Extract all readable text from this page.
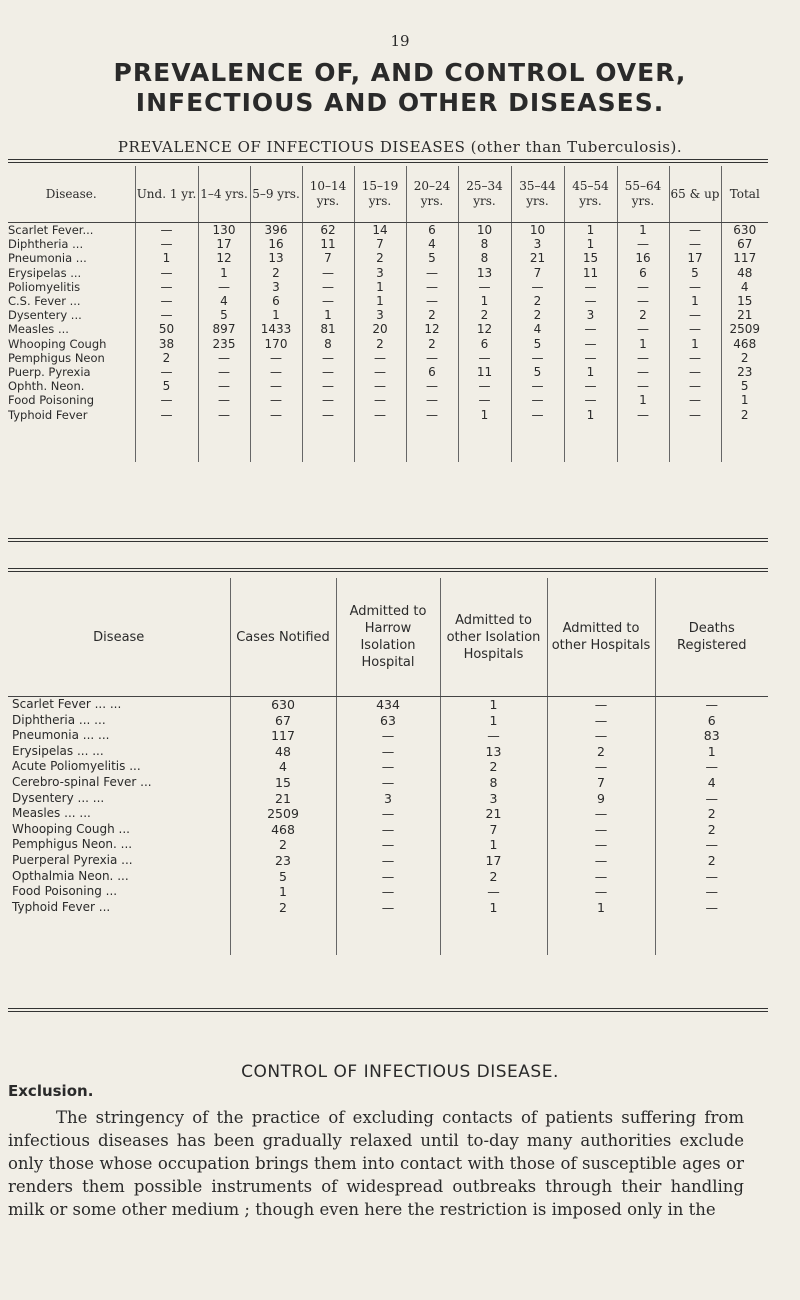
19
PREVALENCE OF, AND CONTROL OVER,
INFECTIOUS AND OTHER DISEASES.
PREVALENCE OF INFECTIOUS DISEASES (other than Tuberculosis).
Disease.	Und. 1 yr.	1–4 yrs.	5–9 yrs.	10–14 yrs.	15–19 yrs.	20–24 yrs.	25–34 yrs.	35–44 yrs.	45–54 yrs.	55–64 yrs.	65 & up	Total
Scarlet Fever...	—	130	396	62	14	6	10	10	1	1	—	630
Diphtheria ...	—	17	16	11	7	4	8	3	1	—	—	67
Pneumonia ...	1	12	13	7	2	5	8	21	15	16	17	117
Erysipelas ...	—	1	2	—	3	—	13	7	11	6	5	48
Poliomyelitis	—	—	3	—	1	—	—	—	—	—	—	4
C.S. Fever ...	—	4	6	—	1	—	1	2	—	—	1	15
Dysentery ...	—	5	1	1	3	2	2	2	3	2	—	21
Measles ...	50	897	1433	81	20	12	12	4	—	—	—	2509
Whooping Cough	38	235	170	8	2	2	6	5	—	1	1	468
Pemphigus Neon	2	—	—	—	—	—	—	—	—	—	—	2
Puerp. Pyrexia	—	—	—	—	—	6	11	5	1	—	—	23
Ophth. Neon.	5	—	—	—	—	—	—	—	—	—	—	5
Food Poisoning	—	—	—	—	—	—	—	—	—	1	—	1
Typhoid Fever	—	—	—	—	—	—	1	—	1	—	—	2

Disease	Cases Notified	Admitted to Harrow Isolation Hospital	Admitted to other Isolation Hospitals	Admitted to other Hospitals	Deaths Registered
Scarlet Fever ... ...	630	434	1	—	—
Diphtheria ... ...	67	63	1	—	6
Pneumonia ... ...	117	—	—	—	83
Erysipelas ... ...	48	—	13	2	1
Acute Poliomyelitis ...	4	—	2	—	—
Cerebro-spinal Fever ...	15	—	8	7	4
Dysentery ... ...	21	3	3	9	—
Measles ... ...	2509	—	21	—	2
Whooping Cough ...	468	—	7	—	2
Pemphigus Neon. ...	2	—	1	—	—
Puerperal Pyrexia ...	23	—	17	—	2
Opthalmia Neon. ...	5	—	2	—	—
Food Poisoning ...	1	—	—	—	—
Typhoid Fever ...	2	—	1	1	—

CONTROL OF INFECTIOUS DISEASE.
Exclusion.
The stringency of the practice of excluding contacts of patients suffering from infectious diseases has been gradually relaxed until to-day many authorities exclude only those whose occupation brings them into contact with those of susceptible ages or renders them possible instruments of widespread outbreaks through their handling milk or some other medium ; though even here the restriction is imposed only in the
